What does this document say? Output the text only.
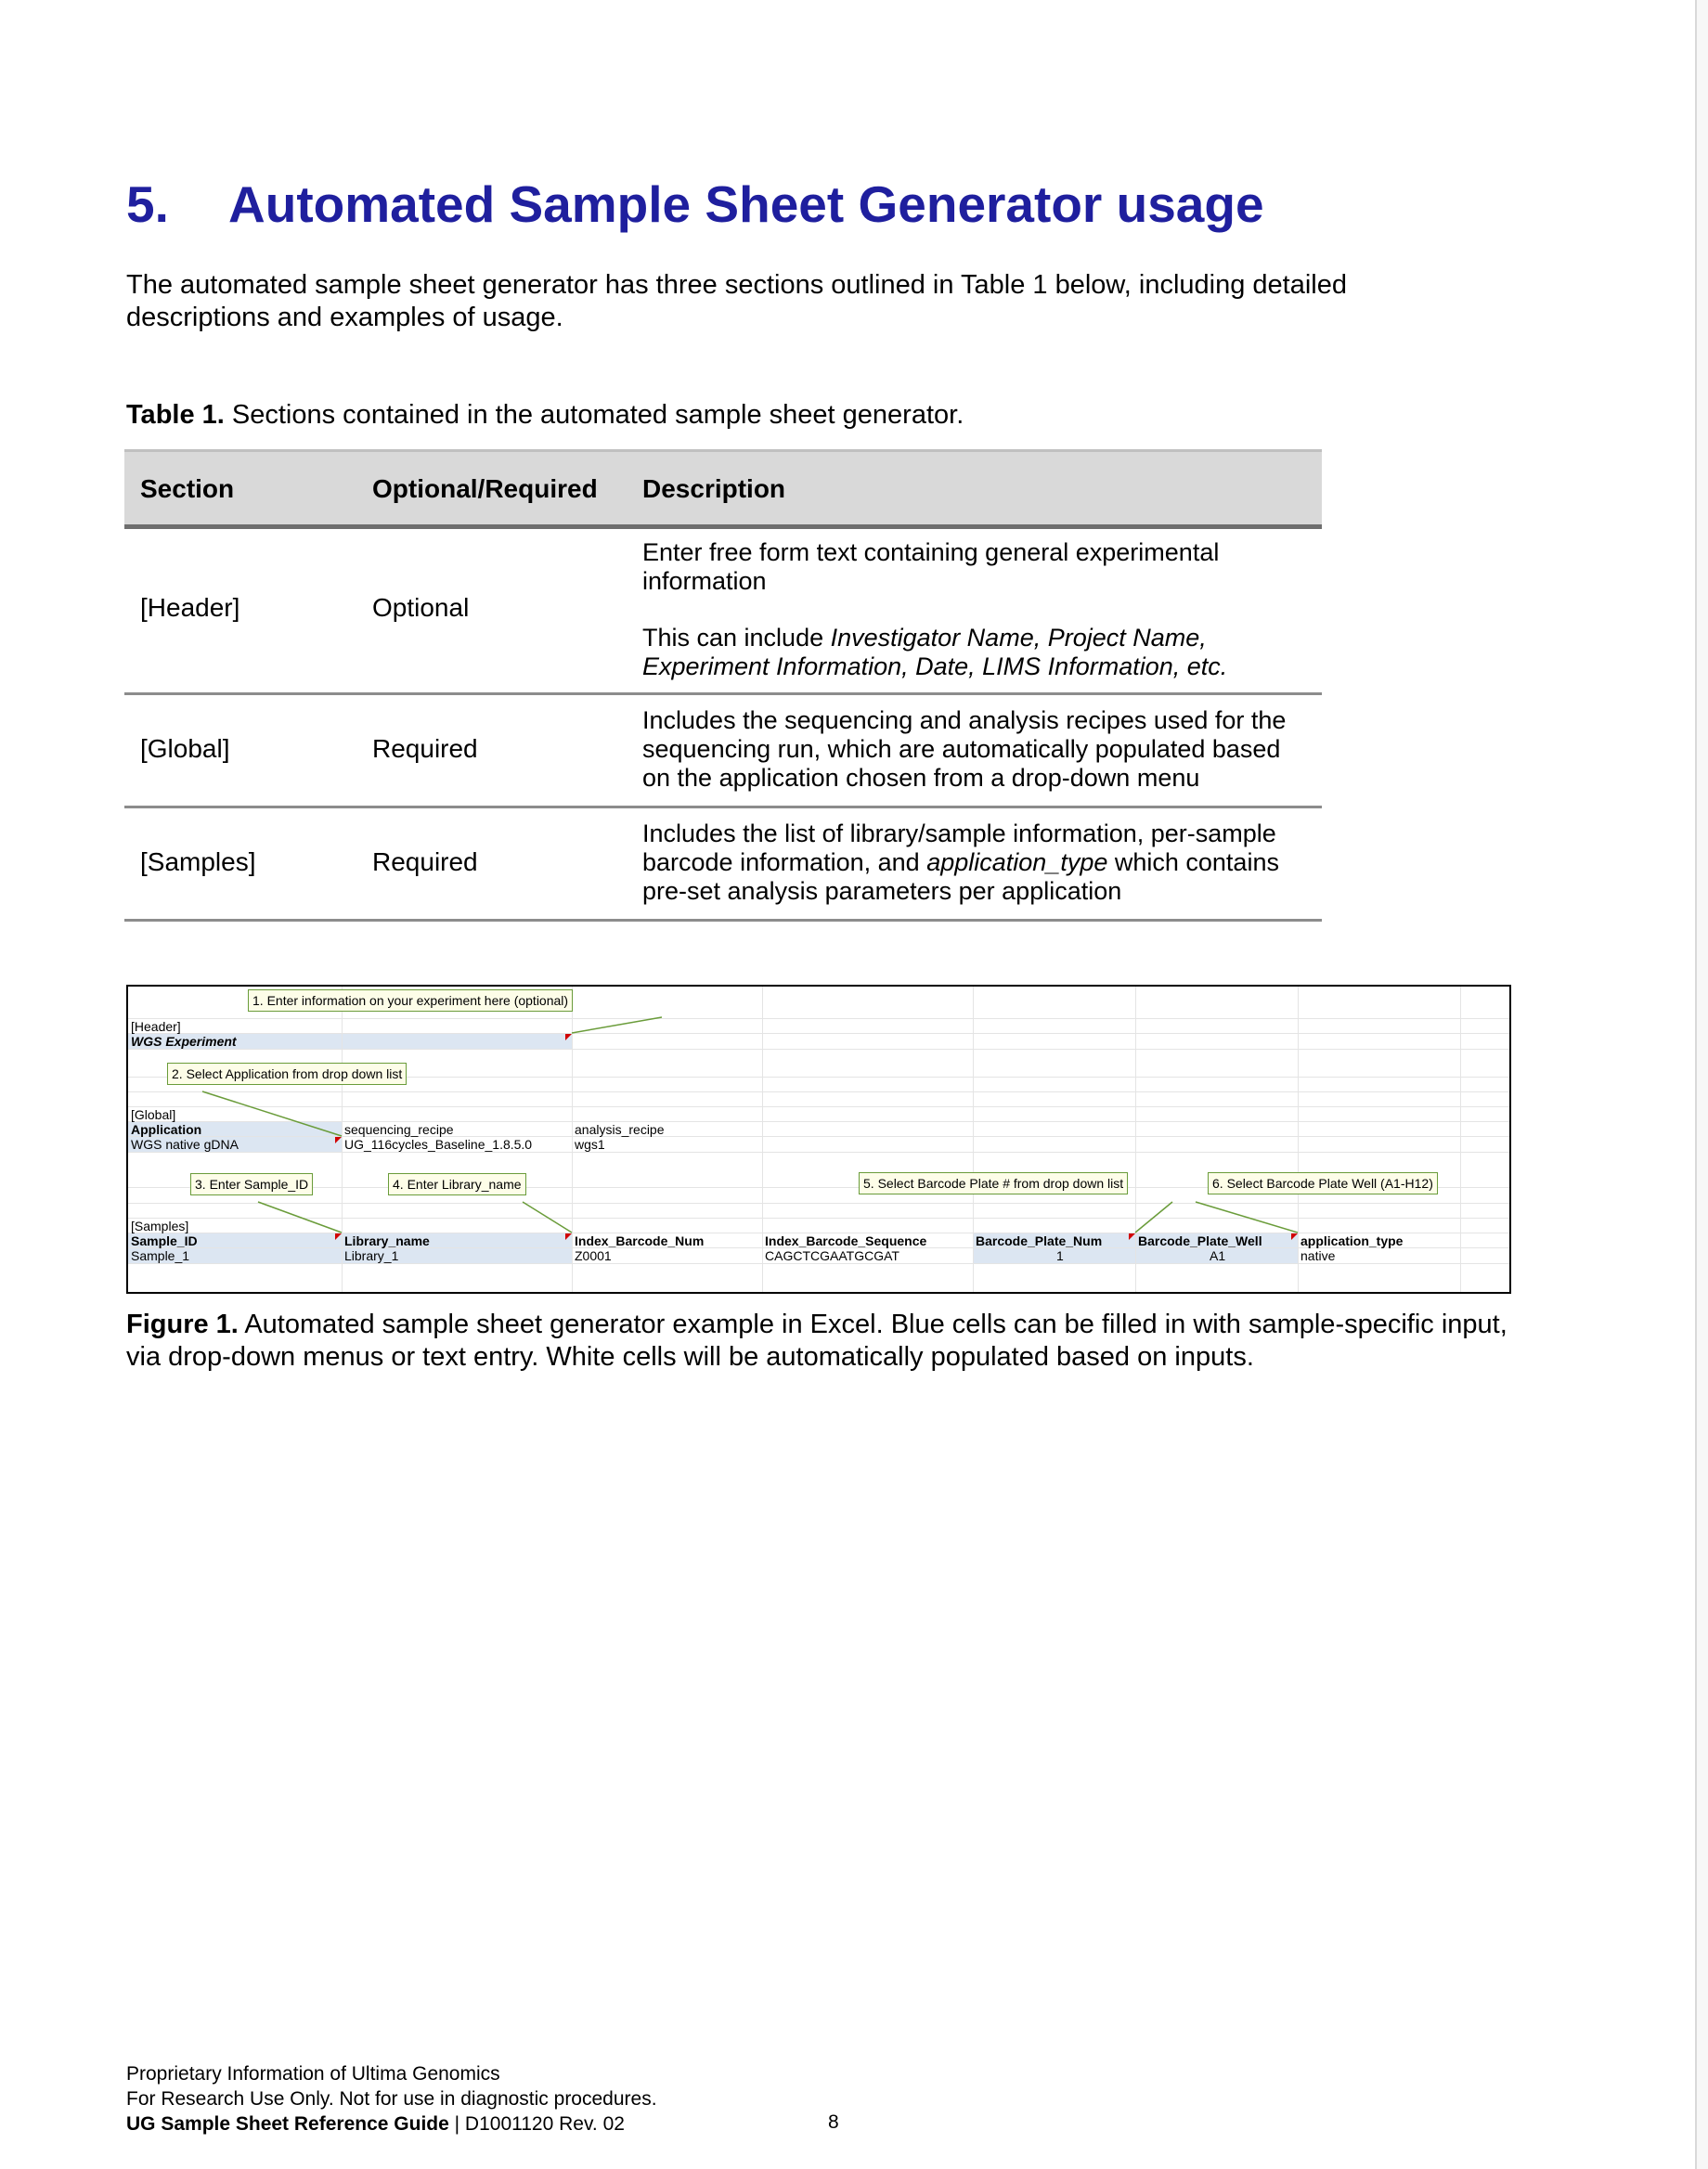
5. Automated Sample Sheet Generator usage
The automated sample sheet generator has three sections outlined in Table 1 below, including detailed descriptions and examples of usage.
Table 1. Sections contained in the automated sample sheet generator.
Section	Optional/Required Description
[Header]	Optional

Enter free form text containing general experimental information

This can include Investigator Name, Project Name, Experiment Information, Date, LIMS Information, etc.

[Global]	Required
Includes the sequencing and analysis recipes used for the sequencing run, which are automatically populated based on the application chosen from a drop-down menu
[Samples]	Required
Includes the list of library/sample information, per-sample barcode information, and application_type which contains pre-set analysis parameters per application
1. Enter information on your experiment here (optional)
2. Select Application from drop down list
3. Enter Sample_ID	4. Enter Library_name	5. Select Barcode Plate # from drop down list	6. Select Barcode Plate Well (A1-H12)
[Header]
WGS Experiment
[Global]
Application	sequencing_recipe	analysis_recipe
WGS native gDNA	UG_116cycles_Baseline_1.8.5.0	wgs1
[Samples]
Sample_ID	Library_name	Index_Barcode_Num	Index_Barcode_Sequence	Barcode_Plate_Num	Barcode_Plate_Well	application_type
Sample_1	Library_1	Z0001	CAGCTCGAATGCGAT	1	A1	native
Figure 1. Automated sample sheet generator example in Excel. Blue cells can be filled in with sample-specific input, via drop-down menus or text entry. White cells will be automatically populated based on inputs.
Proprietary Information of Ultima Genomics
For Research Use Only. Not for use in diagnostic procedures.
UG Sample Sheet Reference Guide | D1001120 Rev. 02	8
